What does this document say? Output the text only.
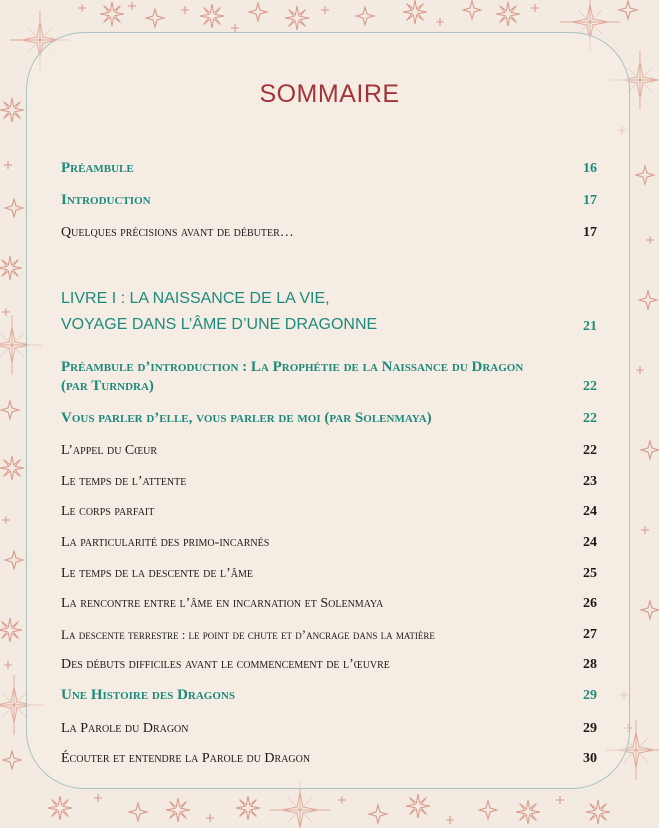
SOMMAIRE
Préambule	16
Introduction	17
Quelques précisions avant de débuter…	17
LIVRE I : LA NAISSANCE DE LA VIE,
VOYAGE DANS L’ÂME D’UNE DRAGONNE	21
Préambule d’introduction : La Prophétie de la Naissance du Dragon
(par Turndra)	22
Vous parler d’elle, vous parler de moi (par Solenmaya)	22
L’appel du Cœur	22
Le temps de l’attente	23
Le corps parfait	24
La particularité des primo-incarnés	24
Le temps de la descente de l’âme	25
La rencontre entre l’âme en incarnation et Solenmaya	26
La descente terrestre : le point de chute et d’ancrage dans la matière	27
Des débuts difficiles avant le commencement de l’œuvre	28
Une Histoire des Dragons	29
La Parole du Dragon	29
Écouter et entendre la Parole du Dragon	30
